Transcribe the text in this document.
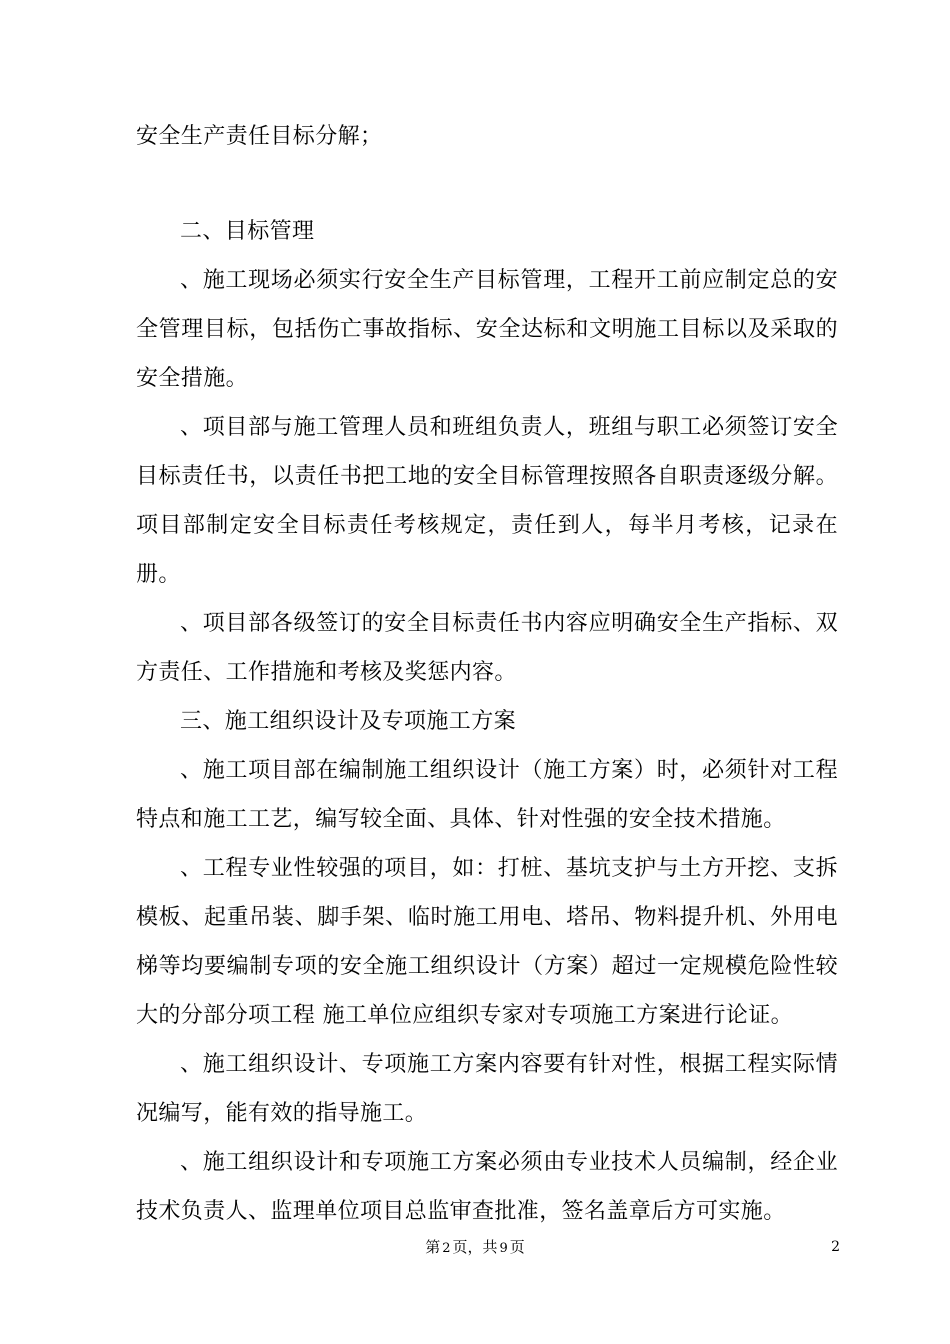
安全生产责任目标分解；

二、目标管理

、施工现场必须实行安全生产目标管理，工程开工前应制定总的安全管理目标，包括伤亡事故指标、安全达标和文明施工目标以及采取的安全措施。

、项目部与施工管理人员和班组负责人，班组与职工必须签订安全目标责任书，以责任书把工地的安全目标管理按照各自职责逐级分解。项目部制定安全目标责任考核规定，责任到人，每半月考核，记录在册。

、项目部各级签订的安全目标责任书内容应明确安全生产指标、双方责任、工作措施和考核及奖惩内容。

三、施工组织设计及专项施工方案

、施工项目部在编制施工组织设计（施工方案）时，必须针对工程特点和施工工艺，编写较全面、具体、针对性强的安全技术措施。

、工程专业性较强的项目，如：打桩、基坑支护与土方开挖、支拆模板、起重吊装、脚手架、临时施工用电、塔吊、物料提升机、外用电梯等均要编制专项的安全施工组织设计（方案）超过一定规模危险性较大的分部分项工程 施工单位应组织专家对专项施工方案进行论证。

、施工组织设计、专项施工方案内容要有针对性，根据工程实际情况编写，能有效的指导施工。

、施工组织设计和专项施工方案必须由专业技术人员编制，经企业技术负责人、监理单位项目总监审查批准，签名盖章后方可实施。

第 2 页，共 9 页	2
